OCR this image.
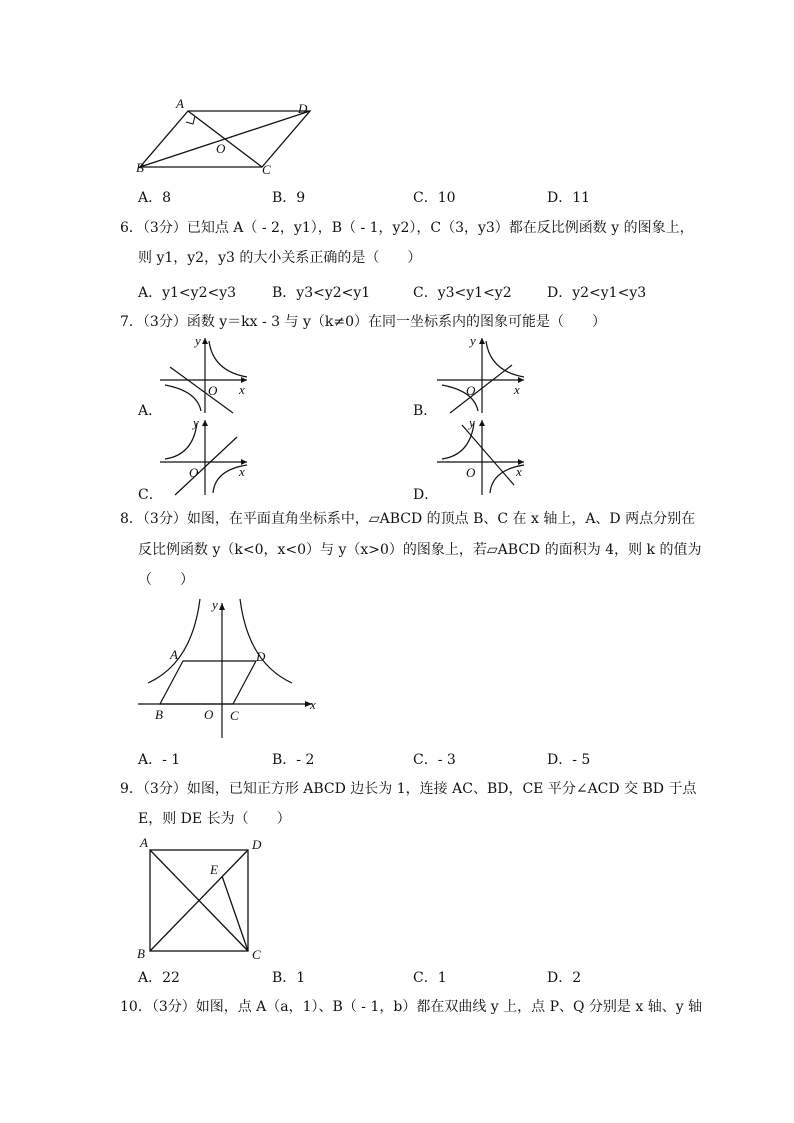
A	D
B	C
O
A．8	B．9	C．10	D．11
6．（3分）已知点 A（ - 2，y1），B（ - 1，y2），C（3，y3）都在反比例函数 y 的图象上，
则 y1，y2，y3 的大小关系正确的是（　　）
A．y1<y2<y3	B．y3<y2<y1	C．y3<y1<y2	D．y2<y1<y3
7．（3分）函数 y＝kx - 3 与 y（k≠0）在同一坐标系内的图象可能是（　　）
y
x
O
A．
y
x
O
B．
y
x
O
C．
y
x
O
D．
8．（3分）如图，在平面直角坐标系中，▱ABCD 的顶点 B、C 在 x 轴上，A、D 两点分别在
反比例函数 y（k<0，x<0）与 y（x>0）的图象上，若▱ABCD 的面积为 4，则 k 的值为
（　　）
A	D
B	C
O
x
y
A．- 1	B．- 2	C．- 3	D．- 5
9．（3分）如图，已知正方形 ABCD 边长为 1，连接 AC、BD，CE 平分∠ACD 交 BD 于点
E，则 DE 长为（　　）
A	D
B	C
E
A．22	B．1	C．1	D．2
10．（3分）如图，点 A（a，1）、B（ - 1，b）都在双曲线 y 上，点 P、Q 分别是 x 轴、y 轴
